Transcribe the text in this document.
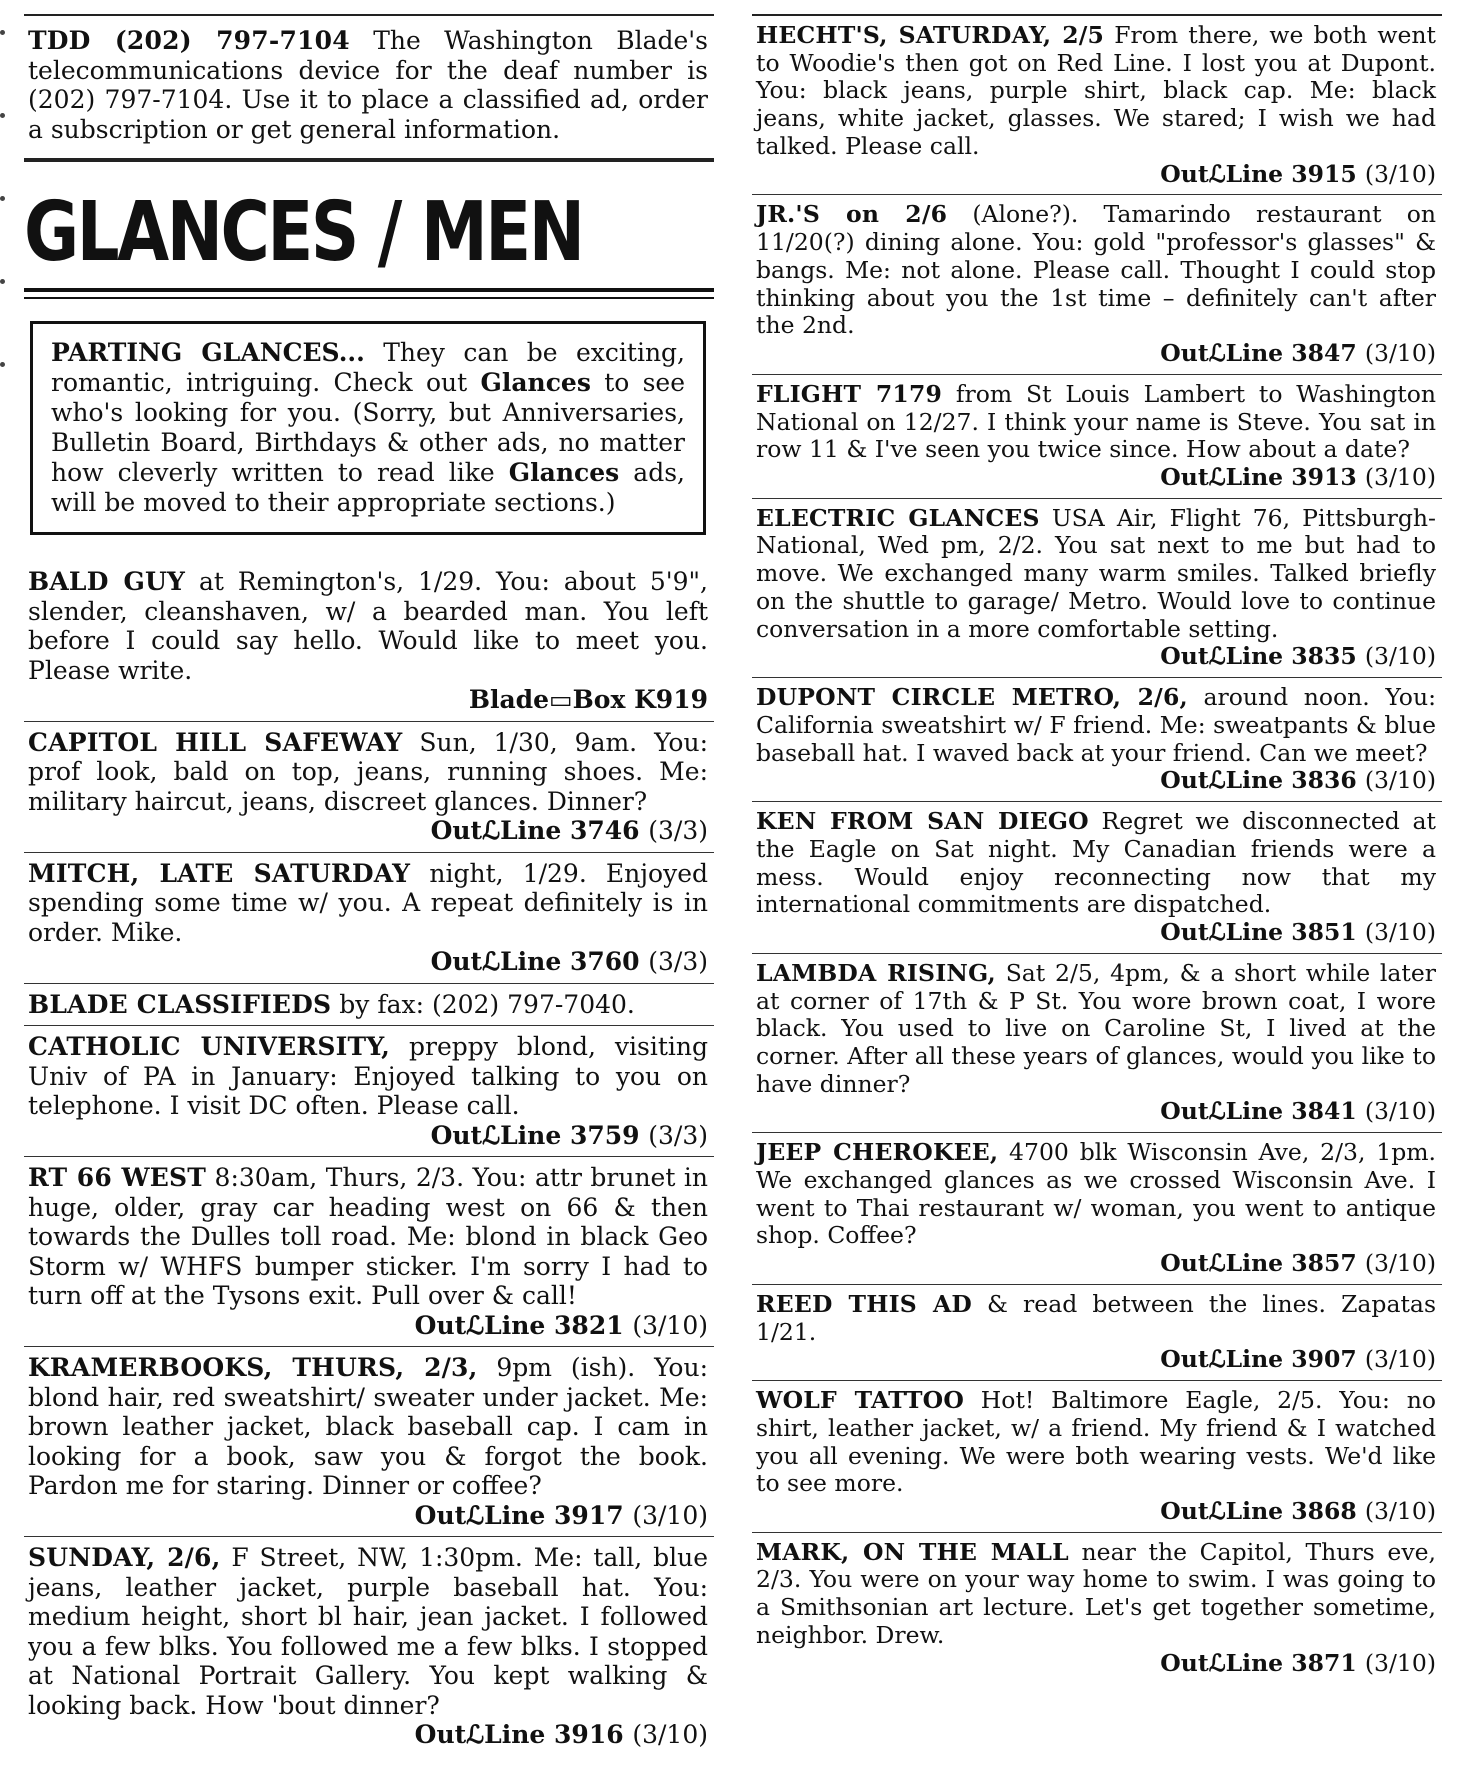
TDD (202) 797-7104 The Washington Blade's telecommunications device for the deaf number is (202) 797-7104. Use it to place a classified ad, order a subscription or get general information.
GLANCES / MEN
PARTING GLANCES... They can be exciting, romantic, intriguing. Check out Glances to see who's looking for you. (Sorry, but Anniversaries, Bulletin Board, Birthdays & other ads, no matter how cleverly written to read like Glances ads, will be moved to their appropriate sections.)
BALD GUY at Remington's, 1/29. You: about 5'9", slender, cleanshaven, w/ a bearded man. You left before I could say hello. Would like to meet you. Please write.
Blade▭Box K919
CAPITOL HILL SAFEWAY Sun, 1/30, 9am. You: prof look, bald on top, jeans, running shoes. Me: military haircut, jeans, discreet glances. Dinner?
OutℒLine 3746 (3/3)
MITCH, LATE SATURDAY night, 1/29. Enjoyed spending some time w/ you. A repeat definitely is in order. Mike.
OutℒLine 3760 (3/3)
BLADE CLASSIFIEDS by fax: (202) 797-7040.
CATHOLIC UNIVERSITY, preppy blond, visiting Univ of PA in January: Enjoyed talking to you on telephone. I visit DC often. Please call.
OutℒLine 3759 (3/3)
RT 66 WEST 8:30am, Thurs, 2/3. You: attr brunet in huge, older, gray car heading west on 66 & then towards the Dulles toll road. Me: blond in black Geo Storm w/ WHFS bumper sticker. I'm sorry I had to turn off at the Tysons exit. Pull over & call!
OutℒLine 3821 (3/10)
KRAMERBOOKS, THURS, 2/3, 9pm (ish). You: blond hair, red sweatshirt/ sweater under jacket. Me: brown leather jacket, black baseball cap. I cam in looking for a book, saw you & forgot the book. Pardon me for staring. Dinner or coffee?
OutℒLine 3917 (3/10)
SUNDAY, 2/6, F Street, NW, 1:30pm. Me: tall, blue jeans, leather jacket, purple baseball hat. You: medium height, short bl hair, jean jacket. I followed you a few blks. You followed me a few blks. I stopped at National Portrait Gallery. You kept walking & looking back. How 'bout dinner?
OutℒLine 3916 (3/10)
HECHT'S, SATURDAY, 2/5 From there, we both went to Woodie's then got on Red Line. I lost you at Dupont. You: black jeans, purple shirt, black cap. Me: black jeans, white jacket, glasses. We stared; I wish we had talked. Please call.
OutℒLine 3915 (3/10)
JR.'S on 2/6 (Alone?). Tamarindo restaurant on 11/20(?) dining alone. You: gold "professor's glasses" & bangs. Me: not alone. Please call. Thought I could stop thinking about you the 1st time – definitely can't after the 2nd.
OutℒLine 3847 (3/10)
FLIGHT 7179 from St Louis Lambert to Washington National on 12/27. I think your name is Steve. You sat in row 11 & I've seen you twice since. How about a date?
OutℒLine 3913 (3/10)
ELECTRIC GLANCES USA Air, Flight 76, Pittsburgh-National, Wed pm, 2/2. You sat next to me but had to move. We exchanged many warm smiles. Talked briefly on the shuttle to garage/ Metro. Would love to continue conversation in a more comfortable setting.
OutℒLine 3835 (3/10)
DUPONT CIRCLE METRO, 2/6, around noon. You: California sweatshirt w/ F friend. Me: sweatpants & blue baseball hat. I waved back at your friend. Can we meet?
OutℒLine 3836 (3/10)
KEN FROM SAN DIEGO Regret we disconnected at the Eagle on Sat night. My Canadian friends were a mess. Would enjoy reconnecting now that my international commitments are dispatched.
OutℒLine 3851 (3/10)
LAMBDA RISING, Sat 2/5, 4pm, & a short while later at corner of 17th & P St. You wore brown coat, I wore black. You used to live on Caroline St, I lived at the corner. After all these years of glances, would you like to have dinner?
OutℒLine 3841 (3/10)
JEEP CHEROKEE, 4700 blk Wisconsin Ave, 2/3, 1pm. We exchanged glances as we crossed Wisconsin Ave. I went to Thai restaurant w/ woman, you went to antique shop. Coffee?
OutℒLine 3857 (3/10)
REED THIS AD & read between the lines. Zapatas 1/21.
OutℒLine 3907 (3/10)
WOLF TATTOO Hot! Baltimore Eagle, 2/5. You: no shirt, leather jacket, w/ a friend. My friend & I watched you all evening. We were both wearing vests. We'd like to see more.
OutℒLine 3868 (3/10)
MARK, ON THE MALL near the Capitol, Thurs eve, 2/3. You were on your way home to swim. I was going to a Smithsonian art lecture. Let's get together sometime, neighbor. Drew.
OutℒLine 3871 (3/10)
